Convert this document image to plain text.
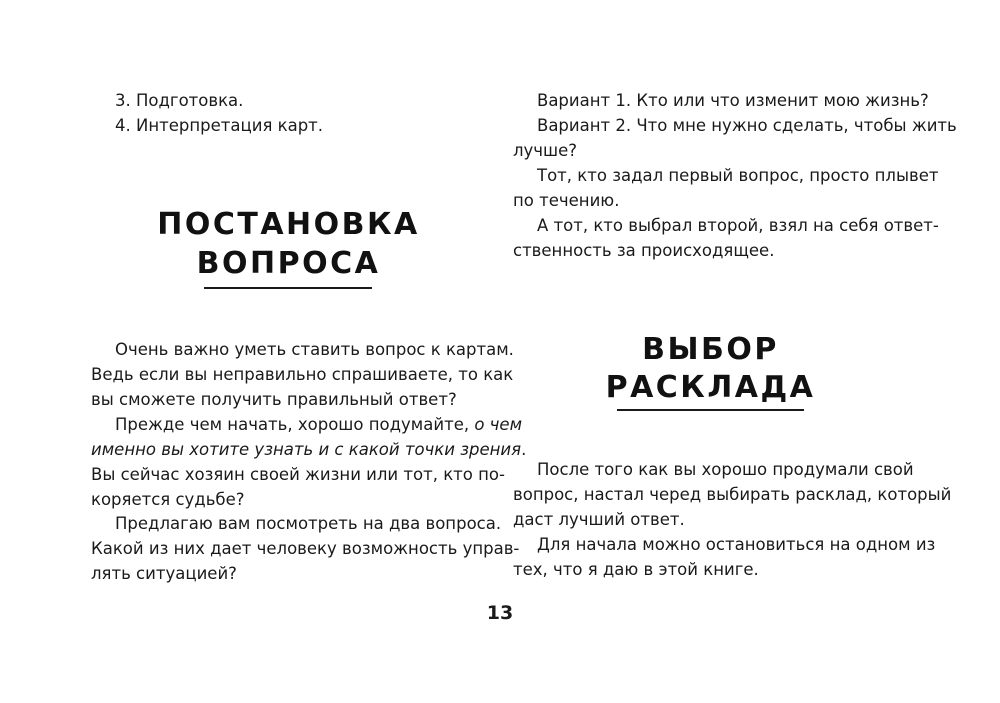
3. Подготовка.
4. Интерпретация карт.
ПОСТАНОВКА
ВОПРОСА
Очень важно уметь ставить вопрос к картам.
Ведь если вы неправильно спрашиваете, то как
вы сможете получить правильный ответ?
Прежде чем начать, хорошо подумайте, о чем
именно вы хотите узнать и с какой точки зрения.
Вы сейчас хозяин своей жизни или тот, кто по-
коряется судьбе?
Предлагаю вам посмотреть на два вопроса.
Какой из них дает человеку возможность управ-
лять ситуацией?
Вариант 1. Кто или что изменит мою жизнь?
Вариант 2. Что мне нужно сделать, чтобы жить
лучше?
Тот, кто задал первый вопрос, просто плывет
по течению.
А тот, кто выбрал второй, взял на себя ответ-
ственность за происходящее.
ВЫБОР
РАСКЛАДА
После того как вы хорошо продумали свой
вопрос, настал черед выбирать расклад, который
даст лучший ответ.
Для начала можно остановиться на одном из
тех, что я даю в этой книге.
13
